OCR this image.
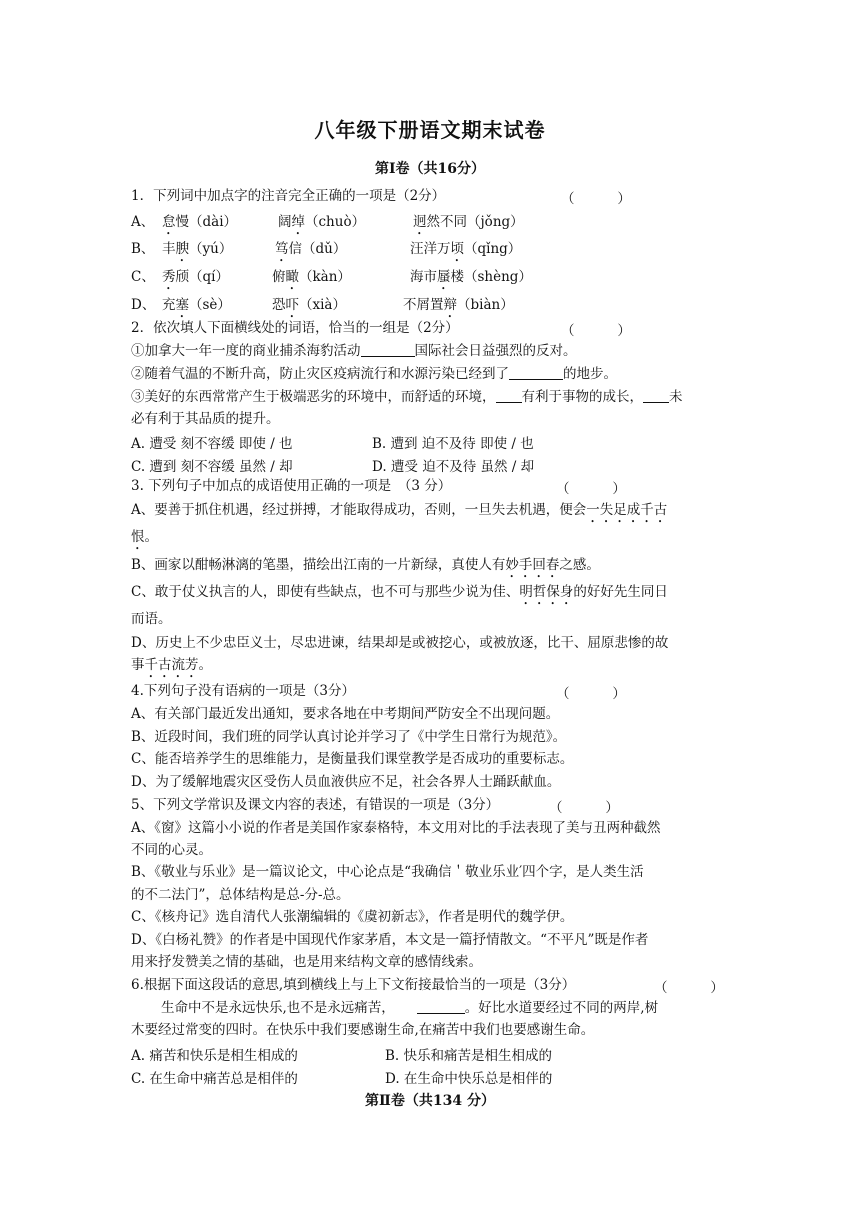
八年级下册语文期末试卷
第Ⅰ卷（共16分）
1．下列词中加点字的注音完全正确的一项是（2分）	（          ）
A、 怠慢（dài）	阔绰（chuò）	迥然不同（jǒng）
B、 丰腴（yú）	笃信（dǔ）	汪洋万顷（qǐng）
C、 秀颀（qí）	俯瞰（kàn）	海市蜃楼（shèng）
D、 充塞（sè）	恐吓（xià）	不屑置辩（biàn）
2．依次填人下面横线处的词语，恰当的一组是（2分）	（          ）
①加拿大一年一度的商业捕杀海豹活动	国际社会日益强烈的反对。
②随着气温的不断升高，防止灾区疫病流行和水源污染已经到了	的地步。
③美好的东西常常产生于极端恶劣的环境中，而舒适的环境， 有利于事物的成长， 未
必有利于其品质的提升。
A. 遭受 刻不容缓 即使 / 也	B. 遭到 迫不及待 即使 / 也
C. 遭到 刻不容缓 虽然 / 却	D. 遭受 迫不及待 虽然 / 却
3. 下列句子中加点的成语使用正确的一项是　（3 分）	（          ）
A、要善于抓住机遇，经过拼搏，才能取得成功，否则，一旦失去机遇，便会一失足成千古
恨。
B、画家以酣畅淋漓的笔墨，描绘出江南的一片新绿，真使人有妙手回春之感。
C、敢于仗义执言的人，即使有些缺点，也不可与那些少说为佳、明哲保身的好好先生同日
而语。
D、历史上不少忠臣义士，尽忠进谏，结果却是或被挖心，或被放逐，比干、屈原悲惨的故
事千古流芳。
4.下列句子没有语病的一项是（3分）	（          ）
A、有关部门最近发出通知，要求各地在中考期间严防安全不出现问题。
B、近段时间，我们班的同学认真讨论并学习了《中学生日常行为规范》。
C、能否培养学生的思维能力，是衡量我们课堂教学是否成功的重要标志。
D、为了缓解地震灾区受伤人员血液供应不足，社会各界人士踊跃献血。
5、下列文学常识及课文内容的表述，有错误的一项是（3分）	（          ）
A、《窗》这篇小小说的作者是美国作家泰格特，本文用对比的手法表现了美与丑两种截然
不同的心灵。
B、《敬业与乐业》是一篇议论文，中心论点是“我确信＇敬业乐业′四个字，是人类生活
的不二法门”，总体结构是总-分-总。
C、《核舟记》选自清代人张潮编辑的《虞初新志》，作者是明代的魏学伊。
D、《白杨礼赞》的作者是中国现代作家茅盾，本文是一篇抒情散文。“不平凡”既是作者
用来抒发赞美之情的基础，也是用来结构文章的感情线索。
6.根据下面这段话的意思,填到横线上与上下文衔接最恰当的一项是（3分）	（          ）
生命中不是永远快乐,也不是永远痛苦，	。好比水道要经过不同的两岸,树
木要经过常变的四时。在快乐中我们要感谢生命,在痛苦中我们也要感谢生命。
A. 痛苦和快乐是相生相成的	B. 快乐和痛苦是相生相成的
C. 在生命中痛苦总是相伴的	D. 在生命中快乐总是相伴的
第Ⅱ卷（共134 分）
